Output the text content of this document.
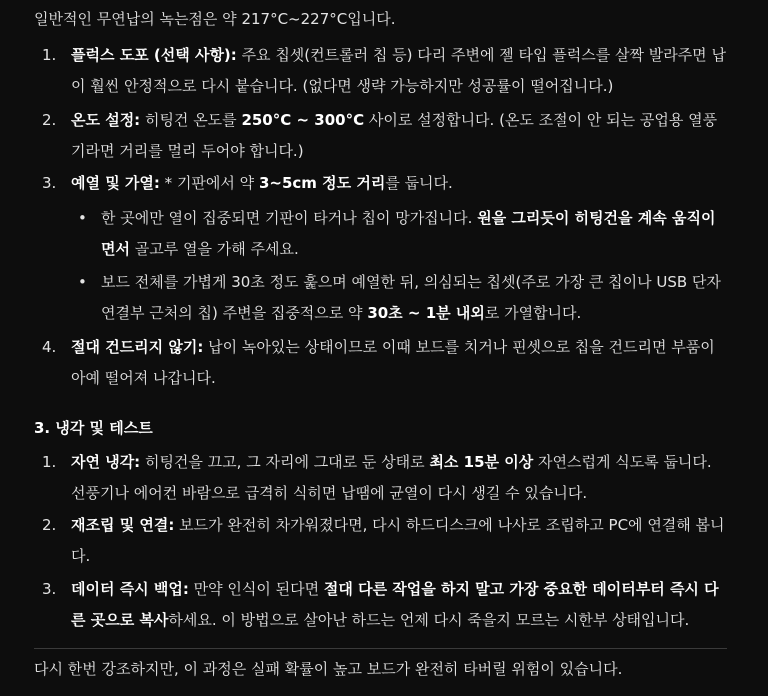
일반적인 무연납의 녹는점은 약 217°C~227°C입니다.
1. 플럭스 도포 (선택 사항): 주요 칩셋(컨트롤러 칩 등) 다리 주변에 젤 타입 플럭스를 살짝 발라주면 납이 훨씬 안정적으로 다시 붙습니다. (없다면 생략 가능하지만 성공률이 떨어집니다.)
2. 온도 설정: 히팅건 온도를 250°C ~ 300°C 사이로 설정합니다. (온도 조절이 안 되는 공업용 열풍기라면 거리를 멀리 두어야 합니다.)
3. 예열 및 가열: * 기판에서 약 3~5cm 정도 거리를 둡니다.
• 한 곳에만 열이 집중되면 기판이 타거나 칩이 망가집니다. 원을 그리듯이 히팅건을 계속 움직이면서 골고루 열을 가해 주세요.
• 보드 전체를 가볍게 30초 정도 훑으며 예열한 뒤, 의심되는 칩셋(주로 가장 큰 칩이나 USB 단자 연결부 근처의 칩) 주변을 집중적으로 약 30초 ~ 1분 내외로 가열합니다.
4. 절대 건드리지 않기: 납이 녹아있는 상태이므로 이때 보드를 치거나 핀셋으로 칩을 건드리면 부품이 아예 떨어져 나갑니다.
3. 냉각 및 테스트
1. 자연 냉각: 히팅건을 끄고, 그 자리에 그대로 둔 상태로 최소 15분 이상 자연스럽게 식도록 둡니다. 선풍기나 에어컨 바람으로 급격히 식히면 납땜에 균열이 다시 생길 수 있습니다.
2. 재조립 및 연결: 보드가 완전히 차가워졌다면, 다시 하드디스크에 나사로 조립하고 PC에 연결해 봅니다.
3. 데이터 즉시 백업: 만약 인식이 된다면 절대 다른 작업을 하지 말고 가장 중요한 데이터부터 즉시 다른 곳으로 복사하세요. 이 방법으로 살아난 하드는 언제 다시 죽을지 모르는 시한부 상태입니다.
다시 한번 강조하지만, 이 과정은 실패 확률이 높고 보드가 완전히 타버릴 위험이 있습니다.
